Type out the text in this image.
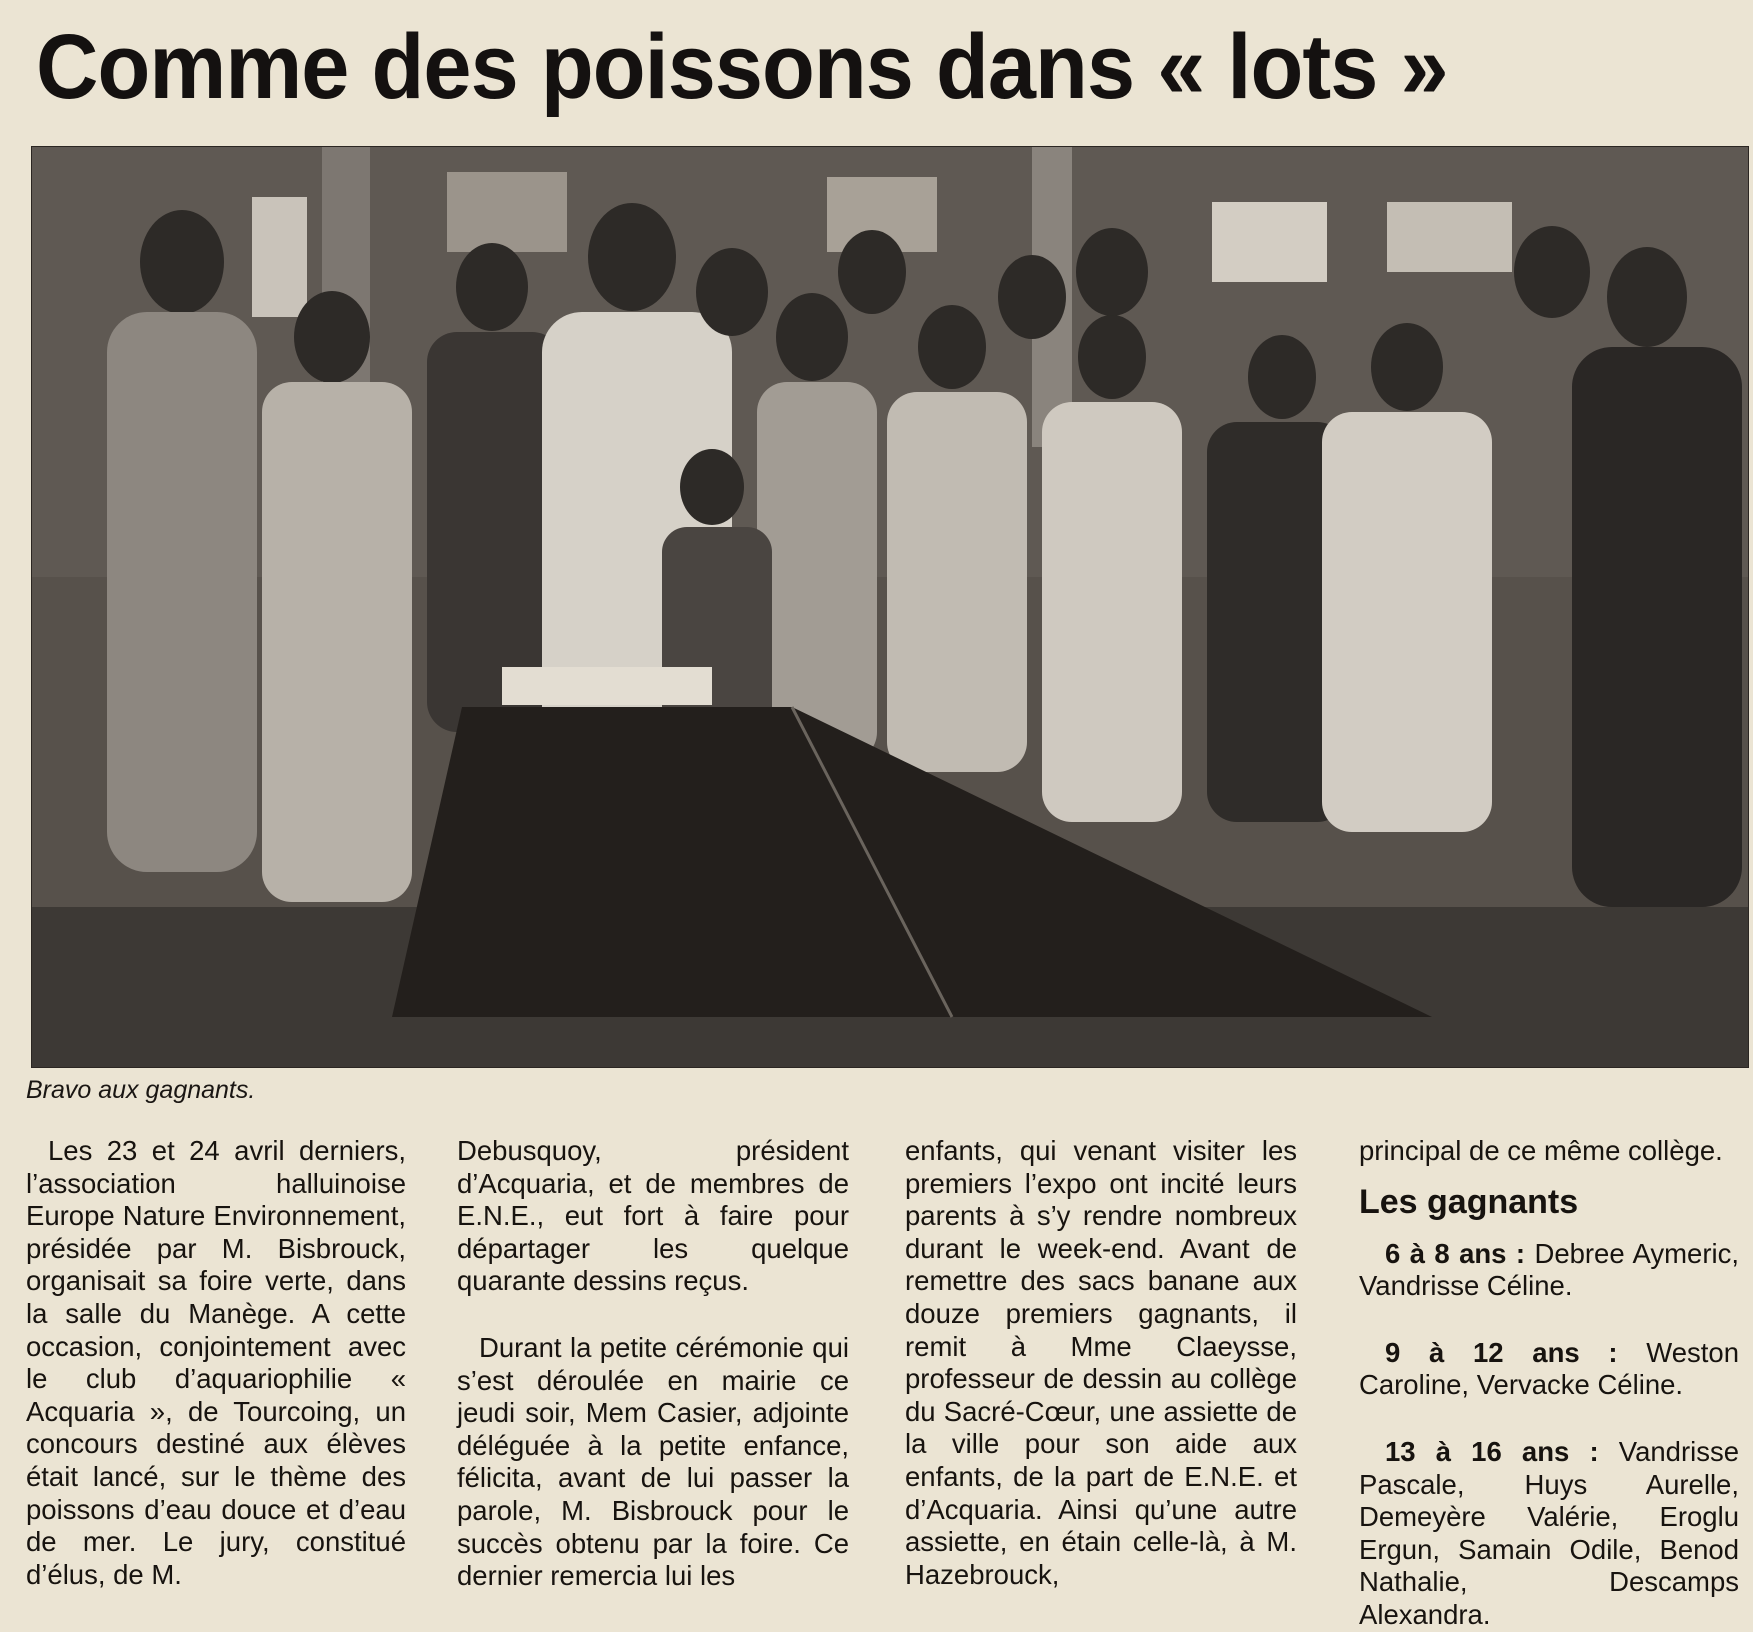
Comme des poissons dans « lots »
Bravo aux gagnants.

Les 23 et 24 avril derniers, l’association halluinoise Europe Nature Environnement, présidée par M. Bisbrouck, organisait sa foire verte, dans la salle du Manège. A cette occasion, conjointement avec le club d’aquariophilie « Acquaria », de Tourcoing, un concours destiné aux élèves était lancé, sur le thème des poissons d’eau douce et d’eau de mer. Le jury, constitué d’élus, de M.

Debusquoy, président d’Acquaria, et de membres de E.N.E., eut fort à faire pour départager les quelque quarante dessins reçus.

Durant la petite cérémonie qui s’est déroulée en mairie ce jeudi soir, Mem Casier, adjointe déléguée à la petite enfance, félicita, avant de lui passer la parole, M. Bisbrouck pour le succès obtenu par la foire. Ce dernier remercia lui les

enfants, qui venant visiter les premiers l’expo ont incité leurs parents à s’y rendre nombreux durant le week-end. Avant de remettre des sacs banane aux douze premiers gagnants, il remit à Mme Claeysse, professeur de dessin au collège du Sacré-Cœur, une assiette de la ville pour son aide aux enfants, de la part de E.N.E. et d’Acquaria. Ainsi qu’une autre assiette, en étain celle-là, à M. Hazebrouck,

principal de ce même collège.

Les gagnants

6 à 8 ans : Debree Aymeric, Vandrisse Céline.

9 à 12 ans : Weston Caroline, Vervacke Céline.

13 à 16 ans : Vandrisse Pascale, Huys Aurelle, Demeyère Valérie, Eroglu Ergun, Samain Odile, Benod Nathalie, Descamps Alexandra.
